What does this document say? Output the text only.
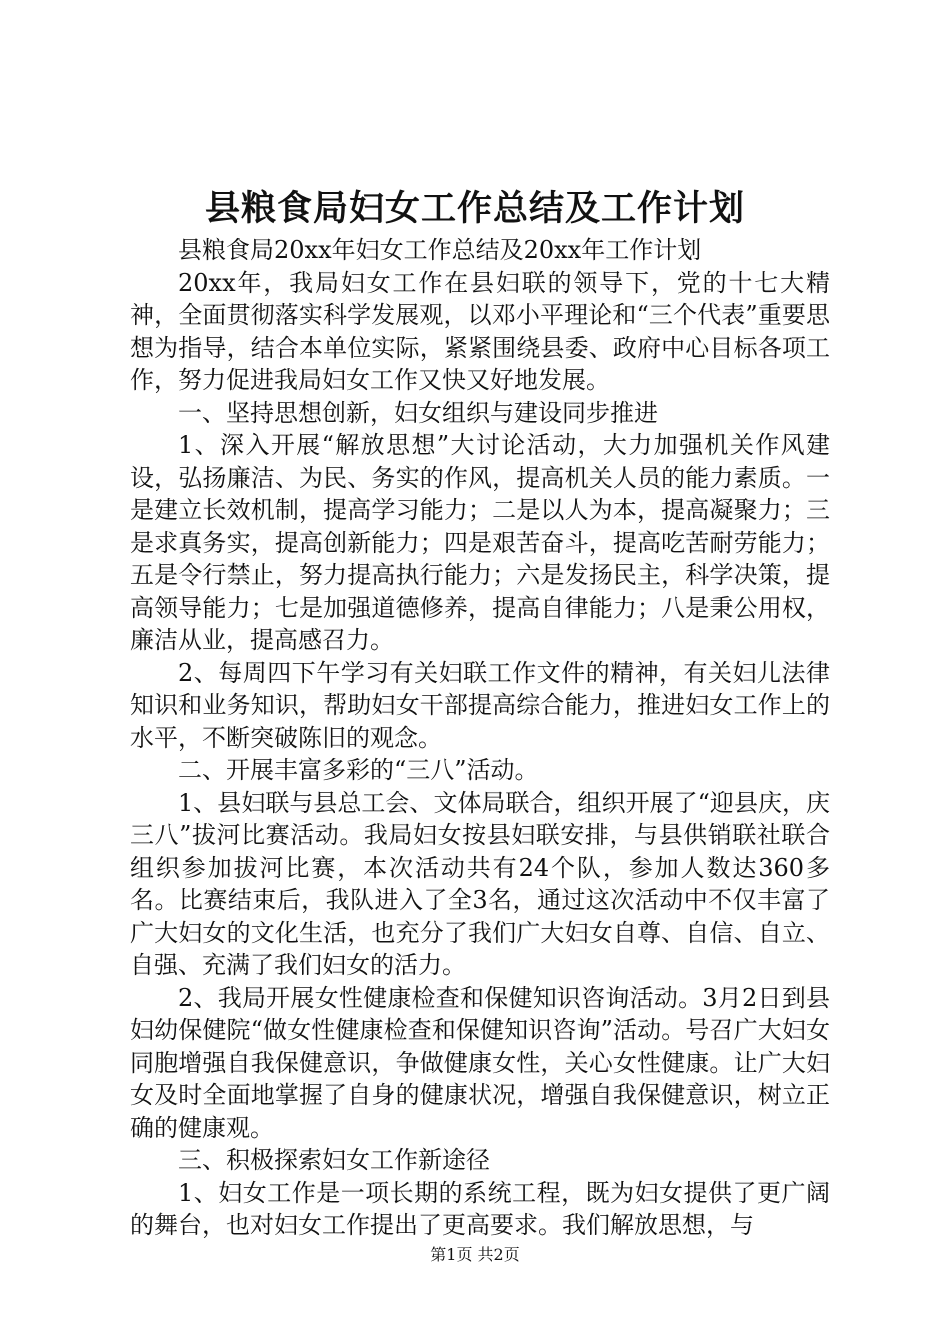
县粮食局妇女工作总结及工作计划

县粮食局20xx年妇女工作总结及20xx年工作计划

20xx年，我局妇女工作在县妇联的领导下，党的十七大精神，全面贯彻落实科学发展观，以邓小平理论和“三个代表”重要思想为指导，结合本单位实际，紧紧围绕县委、政府中心目标各项工作，努力促进我局妇女工作又快又好地发展。

一、坚持思想创新，妇女组织与建设同步推进

1、深入开展“解放思想”大讨论活动，大力加强机关作风建设，弘扬廉洁、为民、务实的作风，提高机关人员的能力素质。一是建立长效机制，提高学习能力；二是以人为本，提高凝聚力；三是求真务实，提高创新能力；四是艰苦奋斗，提高吃苦耐劳能力；五是令行禁止，努力提高执行能力；六是发扬民主，科学决策，提高领导能力；七是加强道德修养，提高自律能力；八是秉公用权，廉洁从业，提高感召力。

2、每周四下午学习有关妇联工作文件的精神，有关妇儿法律知识和业务知识，帮助妇女干部提高综合能力，推进妇女工作上的水平，不断突破陈旧的观念。

二、开展丰富多彩的“三八”活动。

1、县妇联与县总工会、文体局联合，组织开展了“迎县庆，庆三八”拔河比赛活动。我局妇女按县妇联安排，与县供销联社联合组织参加拔河比赛，本次活动共有24个队，参加人数达360多名。比赛结束后，我队进入了全3名，通过这次活动中不仅丰富了广大妇女的文化生活，也充分了我们广大妇女自尊、自信、自立、自强、充满了我们妇女的活力。

2、我局开展女性健康检查和保健知识咨询活动。3月2日到县妇幼保健院“做女性健康检查和保健知识咨询”活动。号召广大妇女同胞增强自我保健意识，争做健康女性，关心女性健康。让广大妇女及时全面地掌握了自身的健康状况，增强自我保健意识，树立正确的健康观。

三、积极探索妇女工作新途径

1、妇女工作是一项长期的系统工程，既为妇女提供了更广阔的舞台，也对妇女工作提出了更高要求。我们解放思想，与

第1页 共2页
